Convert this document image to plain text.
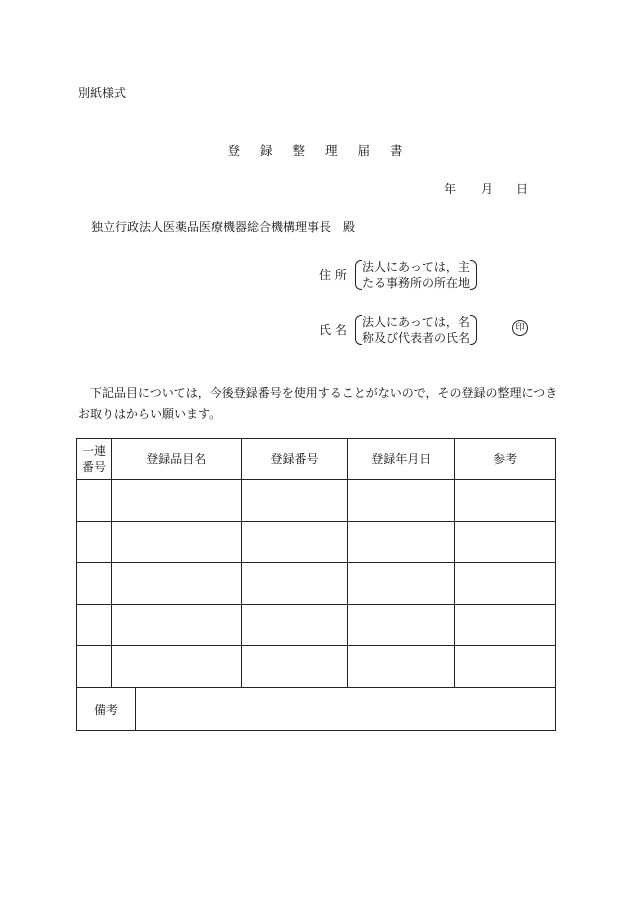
別紙様式
登 録 整 理 届 書
年 月 日
独立行政法人医薬品医療機器総合機構理事長　殿
住 所
法人にあっては，主
たる事務所の所在地
氏 名
法人にあっては，名
称及び代表者の氏名
印
下記品目については，今後登録番号を使用することがないので，その登録の整理につきお取りはからい願います。
一連
番号	登録品目名	登録番号	登録年月日	参考

備考	
